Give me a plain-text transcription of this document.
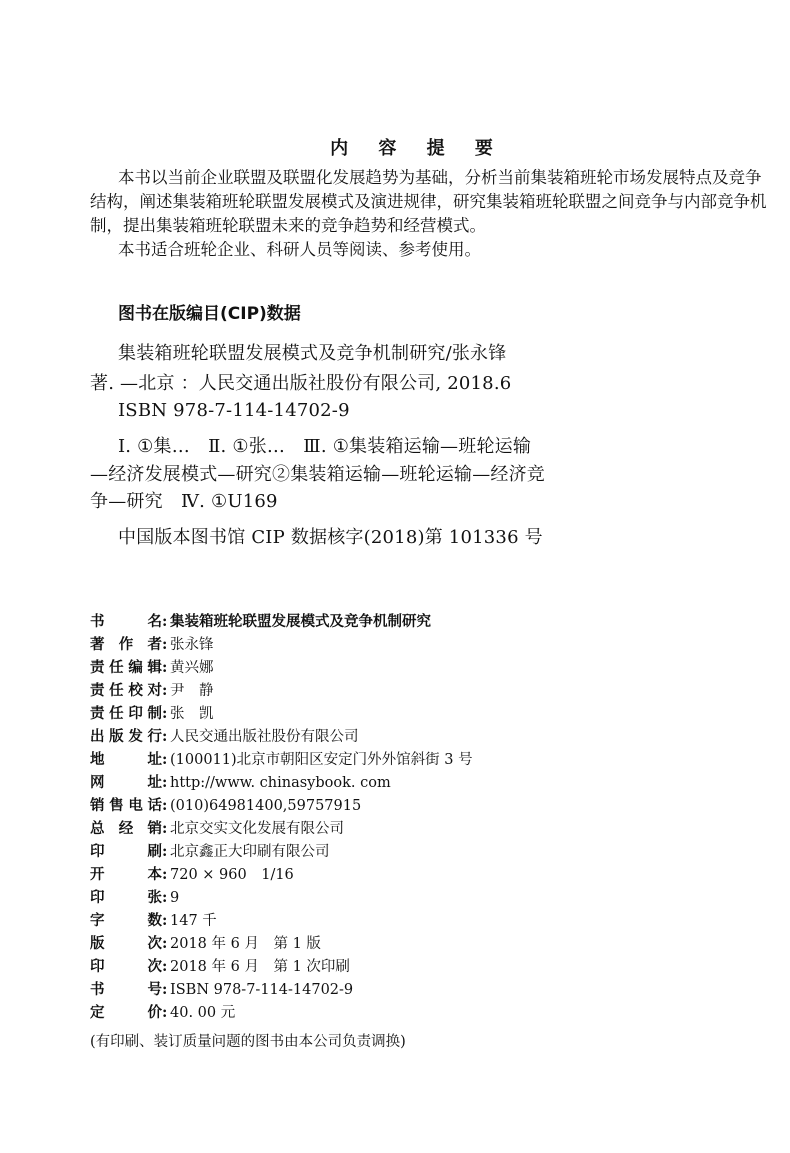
内 容 提 要
本书以当前企业联盟及联盟化发展趋势为基础，分析当前集装箱班轮市场发展特点及竞争
结构，阐述集装箱班轮联盟发展模式及演进规律，研究集装箱班轮联盟之间竞争与内部竞争机
制，提出集装箱班轮联盟未来的竞争趋势和经营模式。
本书适合班轮企业、科研人员等阅读、参考使用。
图书在版编目(CIP)数据
集装箱班轮联盟发展模式及竞争机制研究/张永锋
著. —北京 ：人民交通出版社股份有限公司, 2018.6
ISBN 978-7-114-14702-9
Ⅰ. ①集…　Ⅱ. ①张…　Ⅲ. ①集装箱运输—班轮运输
—经济发展模式—研究②集装箱运输—班轮运输—经济竞
争—研究　Ⅳ. ①U169
中国版本图书馆 CIP 数据核字(2018)第 101336 号
书　　名: 集装箱班轮联盟发展模式及竞争机制研究
著 作 者: 张永锋
责任编辑: 黄兴娜
责任校对: 尹　静
责任印制: 张　凯
出版发行: 人民交通出版社股份有限公司
地　　址: (100011)北京市朝阳区安定门外外馆斜街 3 号
网　　址: http://www. chinasybook. com
销售电话: (010)64981400,59757915
总 经 销: 北京交实文化发展有限公司
印　　刷: 北京鑫正大印刷有限公司
开　　本: 720 × 960　1/16
印　　张: 9
字　　数: 147 千
版　　次: 2018 年 6 月　第 1 版
印　　次: 2018 年 6 月　第 1 次印刷
书　　号: ISBN 978-7-114-14702-9
定　　价: 40. 00 元
(有印刷、装订质量问题的图书由本公司负责调换)
